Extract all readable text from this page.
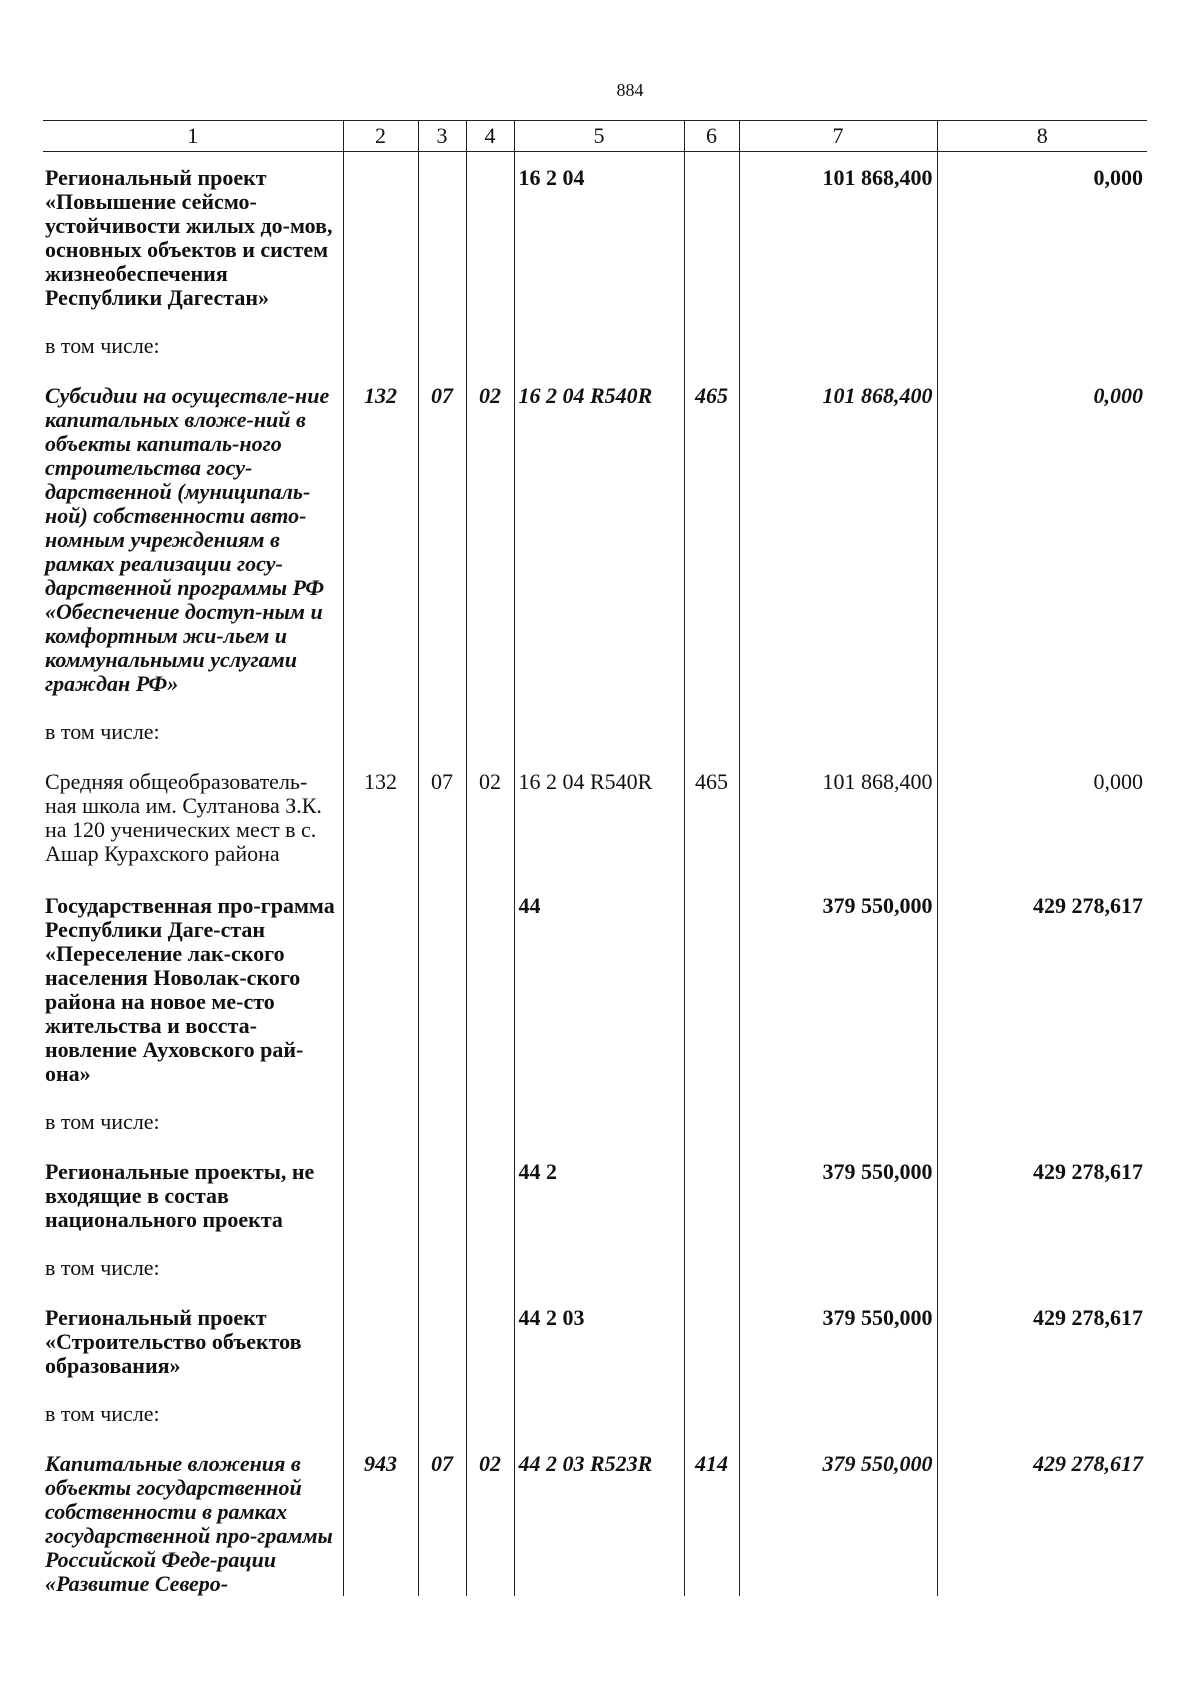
884
1	2	3	4	5	6	7	8
Региональный проект «Повышение сейсмо-устойчивости жилых до-мов, основных объектов и систем жизнеобеспечения Республики Дагестан»				16 2 04		101 868,400	0,000
в том числе:							
Субсидии на осуществле-ние капитальных вложе-ний в объекты капиталь-ного строительства госу-дарственной (муниципаль-ной) собственности авто-номным учреждениям в рамках реализации госу-дарственной программы РФ «Обеспечение доступ-ным и комфортным жи-льем и коммунальными услугами граждан РФ»	132	07	02	16 2 04 R540R	465	101 868,400	0,000
в том числе:							
Средняя общеобразователь-ная школа им. Султанова З.К. на 120 ученических мест в с. Ашар Курахского района	132	07	02	16 2 04 R540R	465	101 868,400	0,000
Государственная про-грамма Республики Даге-стан «Переселение лак-ского населения Новолак-ского района на новое ме-сто жительства и восста-новление Ауховского рай-она»				44		379 550,000	429 278,617
в том числе:							
Региональные проекты, не входящие в состав национального проекта				44 2		379 550,000	429 278,617
в том числе:							
Региональный проект «Строительство объектов образования»				44 2 03		379 550,000	429 278,617
в том числе:							
Капитальные вложения в объекты государственной собственности в рамках государственной про-граммы Российской Феде-рации «Развитие Северо-	943	07	02	44 2 03 R523R	414	379 550,000	429 278,617
